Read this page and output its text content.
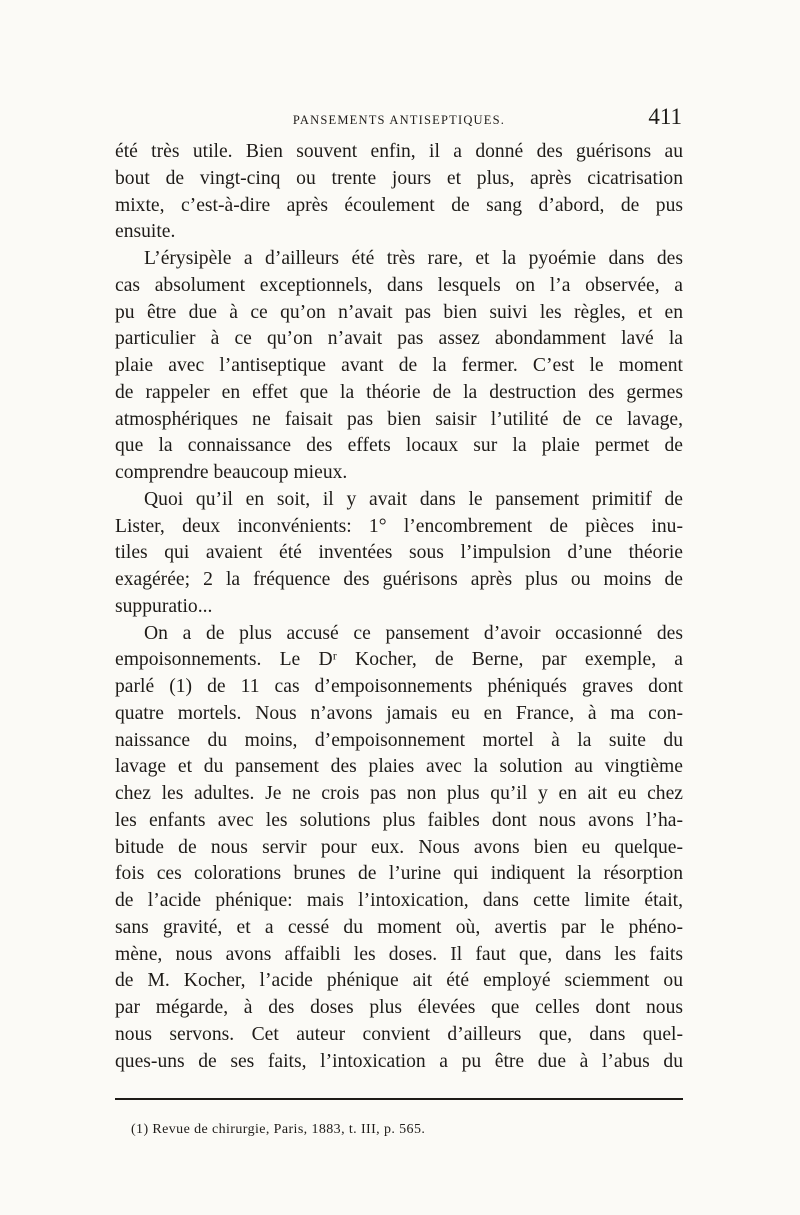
PANSEMENTS ANTISEPTIQUES.	411
été très utile. Bien souvent enfin, il a donné des guérisons au
bout de vingt-cinq ou trente jours et plus, après cicatrisation
mixte, c’est-à-dire après écoulement de sang d’abord, de pus
ensuite.
L’érysipèle a d’ailleurs été très rare, et la pyoémie dans des
cas absolument exceptionnels, dans lesquels on l’a observée, a
pu être due à ce qu’on n’avait pas bien suivi les règles, et en
particulier à ce qu’on n’avait pas assez abondamment lavé la
plaie avec l’antiseptique avant de la fermer. C’est le moment
de rappeler en effet que la théorie de la destruction des germes
atmosphériques ne faisait pas bien saisir l’utilité de ce lavage,
que la connaissance des effets locaux sur la plaie permet de
comprendre beaucoup mieux.
Quoi qu’il en soit, il y avait dans le pansement primitif de
Lister, deux inconvénients: 1° l’encombrement de pièces inu-
tiles qui avaient été inventées sous l’impulsion d’une théorie
exagérée; 2 la fréquence des guérisons après plus ou moins de
suppuratio...
On a de plus accusé ce pansement d’avoir occasionné des
empoisonnements. Le Dʳ Kocher, de Berne, par exemple, a
parlé (1) de 11 cas d’empoisonnements phéniqués graves dont
quatre mortels. Nous n’avons jamais eu en France, à ma con-
naissance du moins, d’empoisonnement mortel à la suite du
lavage et du pansement des plaies avec la solution au vingtième
chez les adultes. Je ne crois pas non plus qu’il y en ait eu chez
les enfants avec les solutions plus faibles dont nous avons l’ha-
bitude de nous servir pour eux. Nous avons bien eu quelque-
fois ces colorations brunes de l’urine qui indiquent la résorption
de l’acide phénique: mais l’intoxication, dans cette limite était,
sans gravité, et a cessé du moment où, avertis par le phéno-
mène, nous avons affaibli les doses. Il faut que, dans les faits
de M. Kocher, l’acide phénique ait été employé sciemment ou
par mégarde, à des doses plus élevées que celles dont nous
nous servons. Cet auteur convient d’ailleurs que, dans quel-
ques-uns de ses faits, l’intoxication a pu être due à l’abus du
(1) Revue de chirurgie, Paris, 1883, t. III, p. 565.
